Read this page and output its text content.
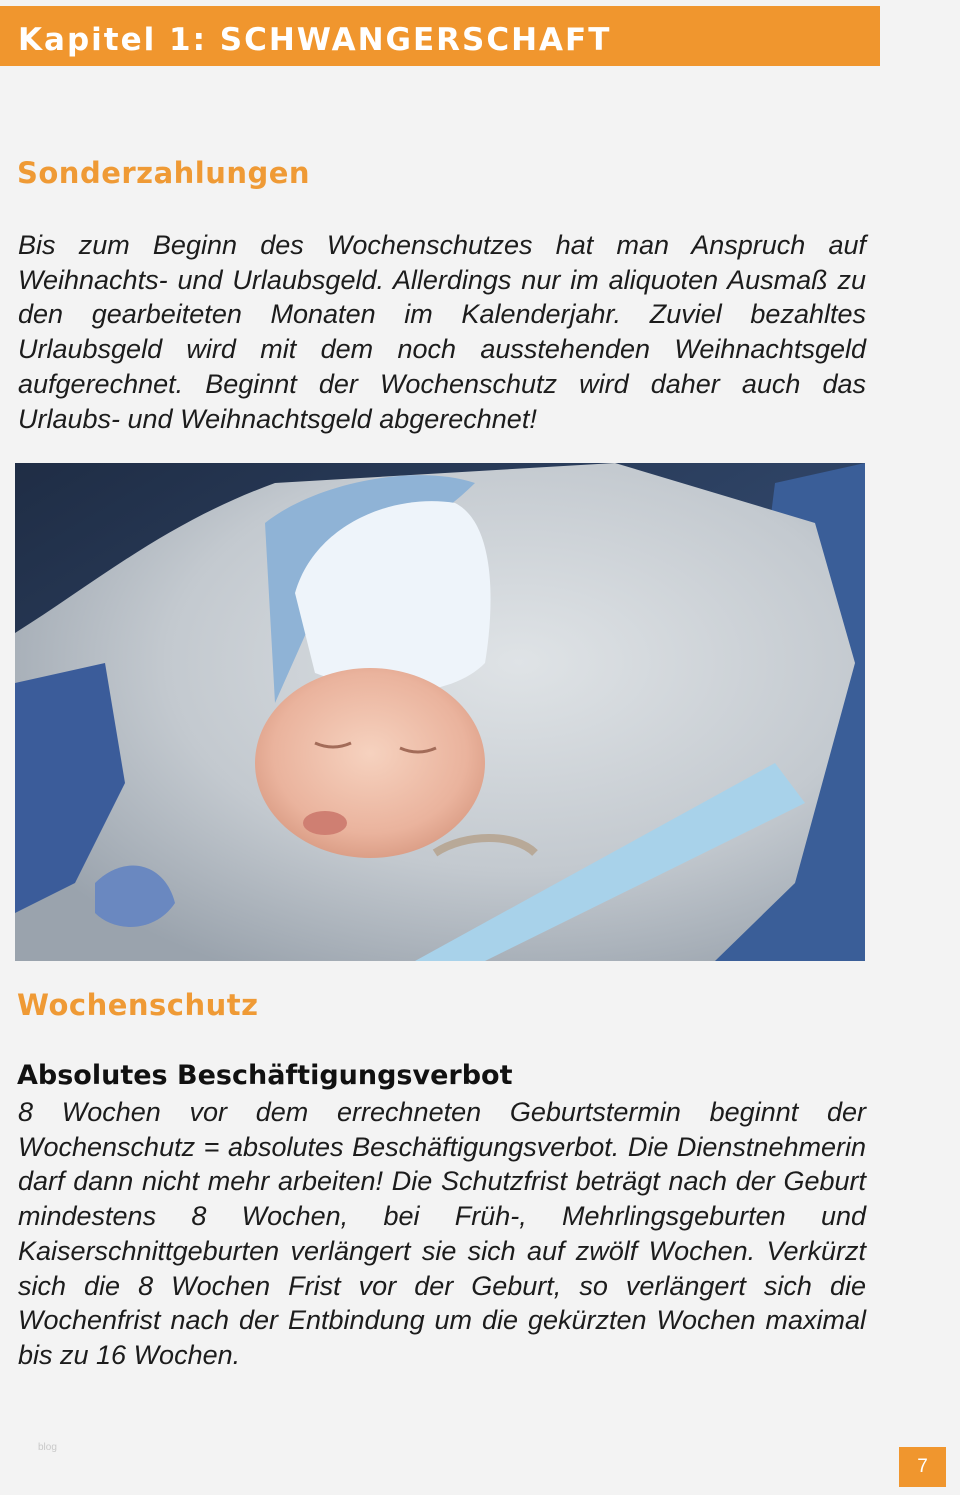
Kapitel 1: SCHWANGERSCHAFT
Sonderzahlungen
Bis zum Beginn des Wochenschutzes hat man Anspruch auf Weihnachts- und Urlaubsgeld. Allerdings nur im aliquoten Ausmaß zu den gearbeiteten Monaten im Kalenderjahr. Zuviel bezahltes Urlaubsgeld wird mit dem noch ausstehenden Weihnachtsgeld aufgerechnet. Beginnt der Wochenschutz wird daher auch das Urlaubs- und Weihnachtsgeld abgerechnet!
Wochenschutz
Absolutes Beschäftigungsverbot
8 Wochen vor dem errechneten Geburtstermin beginnt der Wochenschutz = absolutes Beschäftigungsverbot. Die Dienstnehmerin darf dann nicht mehr arbeiten! Die Schutzfrist beträgt nach der Geburt mindestens 8 Wochen, bei Früh-, Mehrlingsgeburten und Kaiserschnittgeburten verlängert sie sich auf zwölf Wochen. Verkürzt sich die 8 Wochen Frist vor der Geburt, so verlängert sich die Wochenfrist nach der Entbindung um die gekürzten Wochen maximal bis zu 16 Wochen.
blog
7
